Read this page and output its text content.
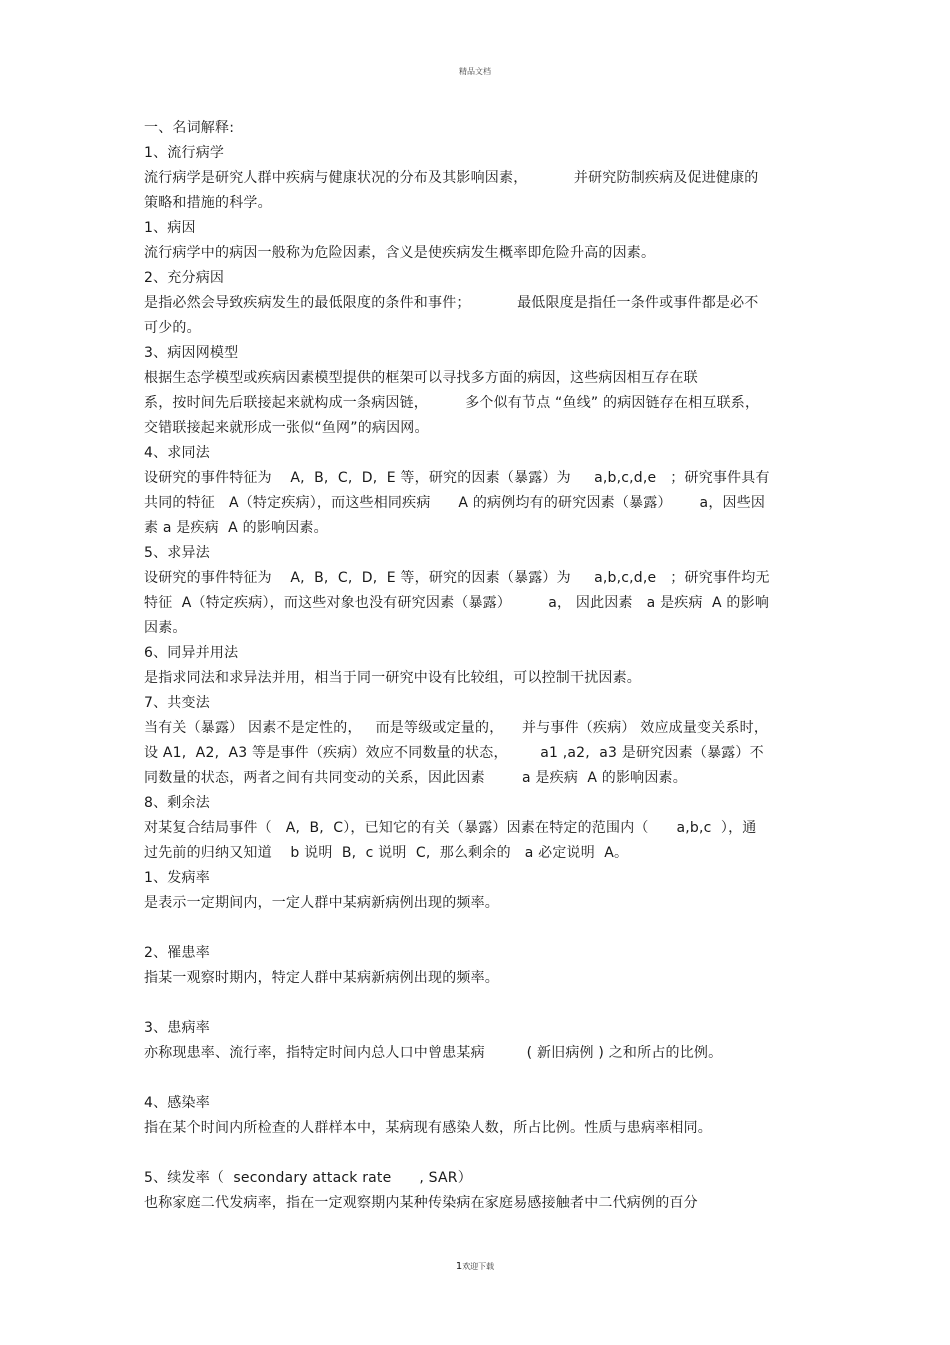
精品文档
一、名词解释:
1、流行病学
流行病学是研究人群中疾病与健康状况的分布及其影响因素，          并研究防制疾病及促进健康的
策略和措施的科学。
1、病因
流行病学中的病因一般称为危险因素，含义是使疾病发生概率即危险升高的因素。
2、充分病因
是指必然会导致疾病发生的最低限度的条件和事件；          最低限度是指任一条件或事件都是必不
可少的。
3、病因网模型
根据生态学模型或疾病因素模型提供的框架可以寻找多方面的病因，这些病因相互存在联
系，按时间先后联接起来就构成一条病因链，        多个似有节点 “鱼线” 的病因链存在相互联系，
交错联接起来就形成一张似“鱼网”的病因网。
4、求同法
设研究的事件特征为    A,  B,  C,  D,  E 等，研究的因素（暴露）为     a,b,c,d,e   ；研究事件具有
共同的特征   A（特定疾病），而这些相同疾病      A 的病例均有的研究因素（暴露）      a，因些因
素 a 是疾病  A 的影响因素。
5、求异法
设研究的事件特征为    A,  B,  C,  D,  E 等，研究的因素（暴露）为     a,b,c,d,e   ；研究事件均无
特征  A（特定疾病），而这些对象也没有研究因素（暴露）        a， 因此因素   a 是疾病  A 的影响
因素。
6、同异并用法
是指求同法和求异法并用，相当于同一研究中设有比较组，可以控制干扰因素。
7、共变法
当有关（暴露） 因素不是定性的，   而是等级或定量的，    并与事件（疾病） 效应成量变关系时，
设 A1,  A2,  A3 等是事件（疾病）效应不同数量的状态，       a1 ,a2,  a3 是研究因素（暴露）不
同数量的状态，两者之间有共同变动的关系，因此因素        a 是疾病  A 的影响因素。
8、剩余法
对某复合结局事件（   A,  B,  C），已知它的有关（暴露）因素在特定的范围内（      a,b,c  ），通
过先前的归纳又知道    b 说明  B,  c 说明  C,  那么剩余的   a 必定说明  A。
1、发病率
是表示一定期间内，一定人群中某病新病例出现的频率。
2、罹患率
指某一观察时期内，特定人群中某病新病例出现的频率。
3、患病率
亦称现患率、流行率，指特定时间内总人口中曾患某病         ( 新旧病例 ) 之和所占的比例。
4、感染率
指在某个时间内所检查的人群样本中，某病现有感染人数，所占比例。性质与患病率相同。
5、续发率（  secondary attack rate      , SAR）
也称家庭二代发病率，指在一定观察期内某种传染病在家庭易感接触者中二代病例的百分
1欢迎下载
